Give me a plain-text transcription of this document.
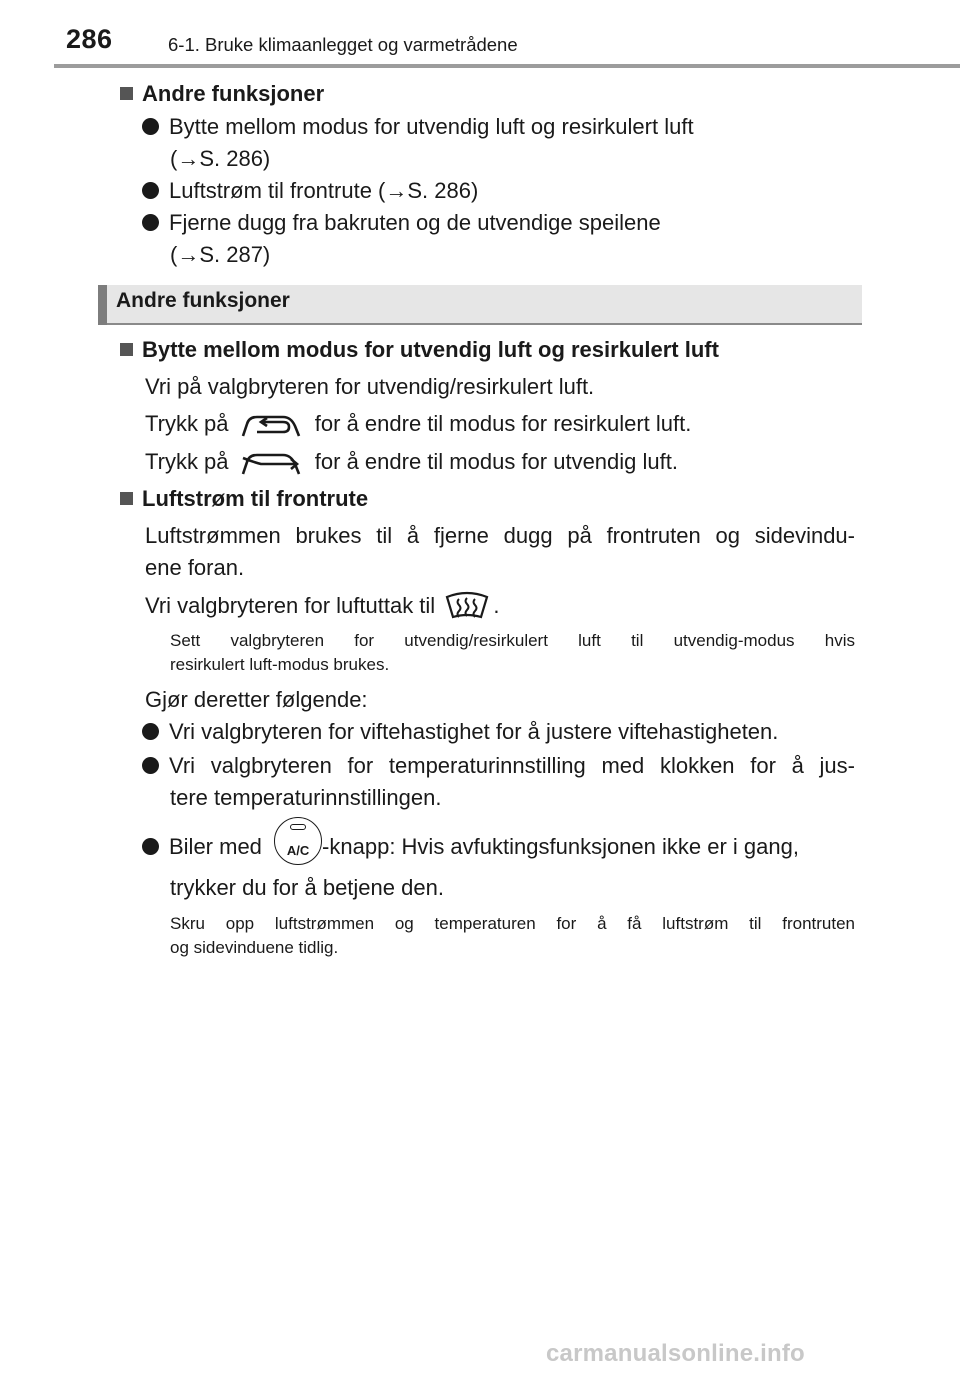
286	6-1. Bruke klimaanlegget og varmetrådene
Andre funksjoner
Bytte mellom modus for utvendig luft og resirkulert luft
(→S. 286)
Luftstrøm til frontrute (→S. 286)
Fjerne dugg fra bakruten og de utvendige speilene
(→S. 287)
Andre funksjoner
Bytte mellom modus for utvendig luft og resirkulert luft
Vri på valgbryteren for utvendig/resirkulert luft.
Trykk på	for å endre til modus for resirkulert luft.
Trykk på	for å endre til modus for utvendig luft.
Luftstrøm til frontrute
Luftstrømmen brukes til å fjerne dugg på frontruten og sidevindu-
ene foran.
Vri valgbryteren for luftuttak til	.
Sett valgbryteren for utvendig/resirkulert luft til utvendig-modus hvis
resirkulert luft-modus brukes.
Gjør deretter følgende:
Vri valgbryteren for viftehastighet for å justere viftehastigheten.
Vri valgbryteren for temperaturinnstilling med klokken for å jus-
tere temperaturinnstillingen.
Biler med	A/C -knapp: Hvis avfuktingsfunksjonen ikke er i gang,
trykker du for å betjene den.
Skru opp luftstrømmen og temperaturen for å få luftstrøm til frontruten
og sidevinduene tidlig.
carmanualsonline.info
